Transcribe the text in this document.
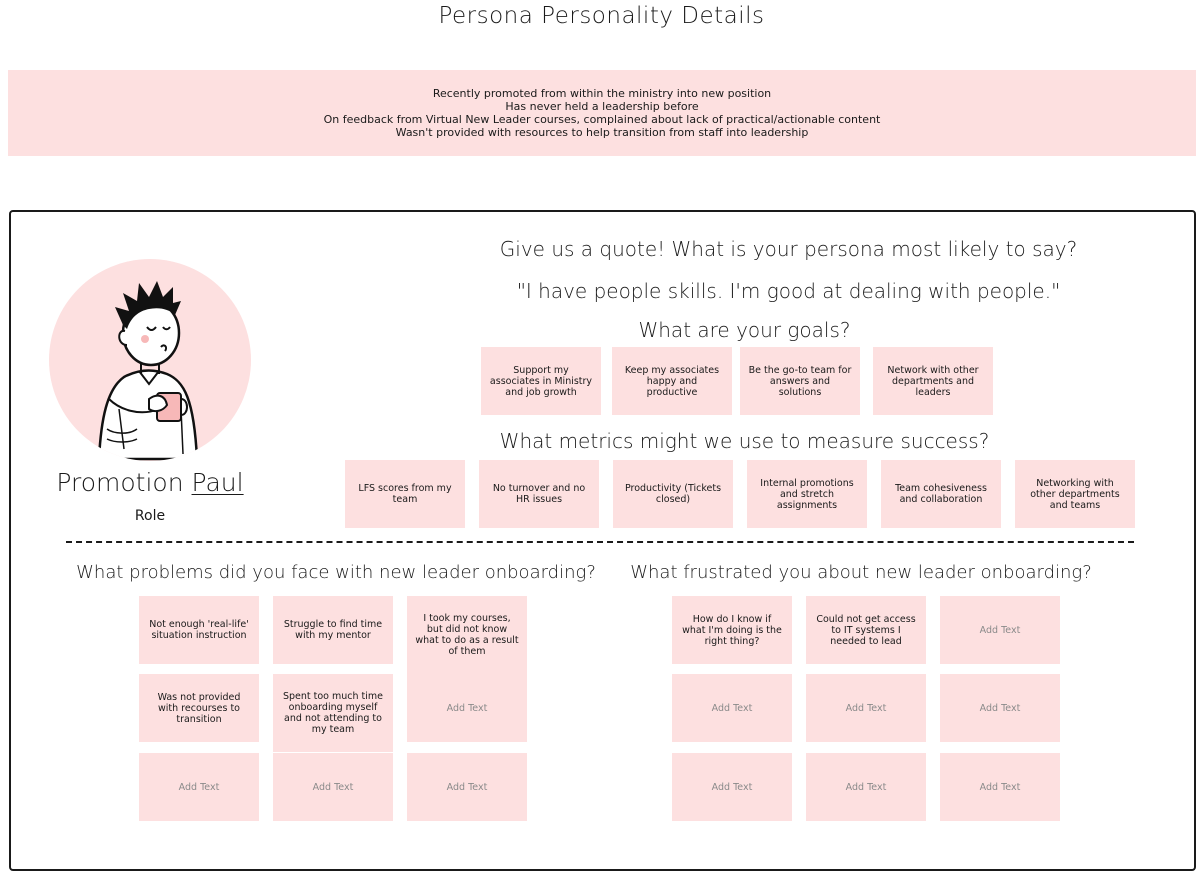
Persona Personality Details
Recently promoted from within the ministry into new position
Has never held a leadership before
On feedback from Virtual New Leader courses, complained about lack of practical/actionable content
Wasn't provided with resources to help transition from staff into leadership
Promotion Paul
Role
Give us a quote! What is your persona most likely to say?
"I have people skills. I'm good at dealing with people."
What are your goals?
What metrics might we use to measure success?
Support my associates in Ministry and job growth
Keep my associates happy and productive
Be the go-to team for answers and solutions
Network with other departments and leaders
LFS scores from my team
No turnover and no HR issues
Productivity (Tickets closed)
Internal promotions and stretch assignments
Team cohesiveness and collaboration
Networking with other departments and teams
What problems did you face with new leader onboarding?	What frustrated you about new leader onboarding?
Not enough 'real-life' situation instruction
Struggle to find time with my mentor
I took my courses, but did not know what to do as a result of them
Was not provided with recourses to transition
Spent too much time onboarding myself and not attending to my team
Add Text
Add Text	Add Text	Add Text
How do I know if what I'm doing is the right thing?
Could not get access to IT systems I needed to lead
Add Text
Add Text	Add Text	Add Text
Add Text	Add Text	Add Text
